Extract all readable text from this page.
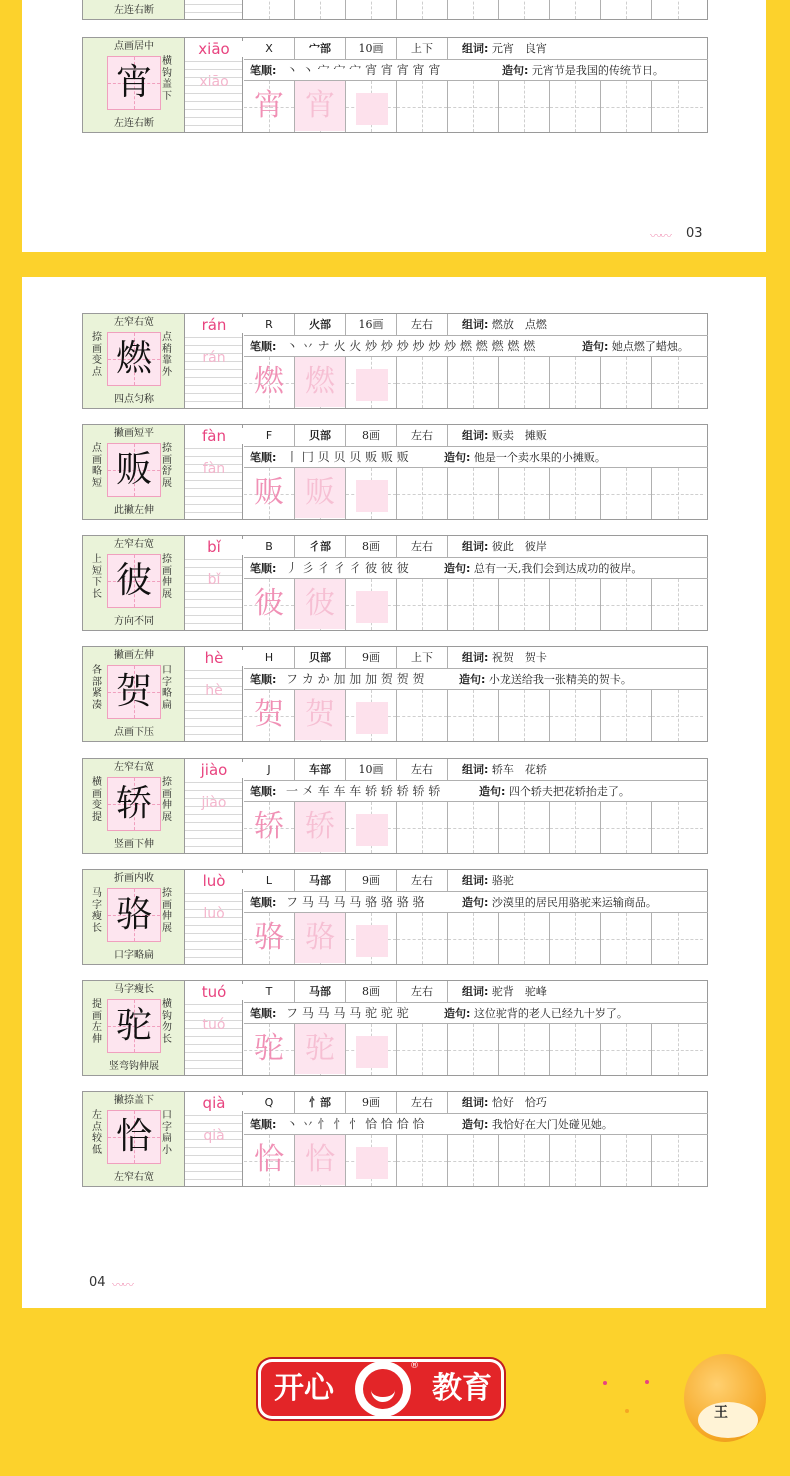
左连右断
点画居中
横钩盖下
宵
左连右断
xiāo
xiāo
X	宀部	10画	上下	组词: 元宵　良宵
笔顺: 丶 丶 宀 宀 宀 宵 宵 宵 宵 宵	造句: 元宵节是我国的传统节日。
宵 宵
〰〰 03
左窄右宽
捺画变点
点稍靠外
燃
四点匀称
rán
rán
R	火部	16画	左右	组词: 燃放　点燃
笔顺: 丶 丷 ナ 火 火 炒 炒 炒 炒 炒 炒 燃 燃 燃 燃 燃	造句: 她点燃了蜡烛。
燃 燃
撇画短平
点画略短
捺画舒展
贩
此撇左伸
fàn
fàn
F	贝部	8画	左右	组词: 贩卖　摊贩
笔顺: 丨 冂 贝 贝 贝 贩 贩 贩	造句: 他是一个卖水果的小摊贩。
贩 贩
左窄右宽
上短下长
捺画伸展
彼
方向不同
bǐ
bǐ
B	彳部	8画	左右	组词: 彼此　彼岸
笔顺: 丿 彡 彳 彳 彳 彼 彼 彼	造句: 总有一天,我们会到达成功的彼岸。
彼 彼
撇画左伸
各部紧凑
口字略扁
贺
点画下压
hè
hè
H	贝部	9画	上下	组词: 祝贺　贺卡
笔顺: フ カ か 加 加 加 贺 贺 贺	造句: 小龙送给我一张精美的贺卡。
贺 贺
左窄右宽
横画变提
捺画伸展
轿
竖画下伸
jiào
jiào
J	车部	10画	左右	组词: 轿车　花轿
笔顺: 一 㐅 车 车 车 轿 轿 轿 轿 轿	造句: 四个轿夫把花轿抬走了。
轿 轿
折画内收
马字瘦长
捺画伸展
骆
口字略扁
luò
luò
L	马部	9画	左右	组词: 骆驼
笔顺: フ 马 马 马 马 骆 骆 骆 骆	造句: 沙漠里的居民用骆驼来运输商品。
骆 骆
马字瘦长
提画左伸
横钩勿长
驼
竖弯钩伸展
tuó
tuó
T	马部	8画	左右	组词: 驼背　驼峰
笔顺: フ 马 马 马 马 驼 驼 驼	造句: 这位驼背的老人已经九十岁了。
驼 驼
撇捺盖下
左点较低
口字扁小
恰
左窄右宽
qià
qià
Q	忄部	9画	左右	组词: 恰好　恰巧
笔顺: 丶 丷 忄 忄 忄 恰 恰 恰 恰	造句: 我恰好在大门处碰见她。
恰 恰
04 〰〰
开心
®
教育
王
